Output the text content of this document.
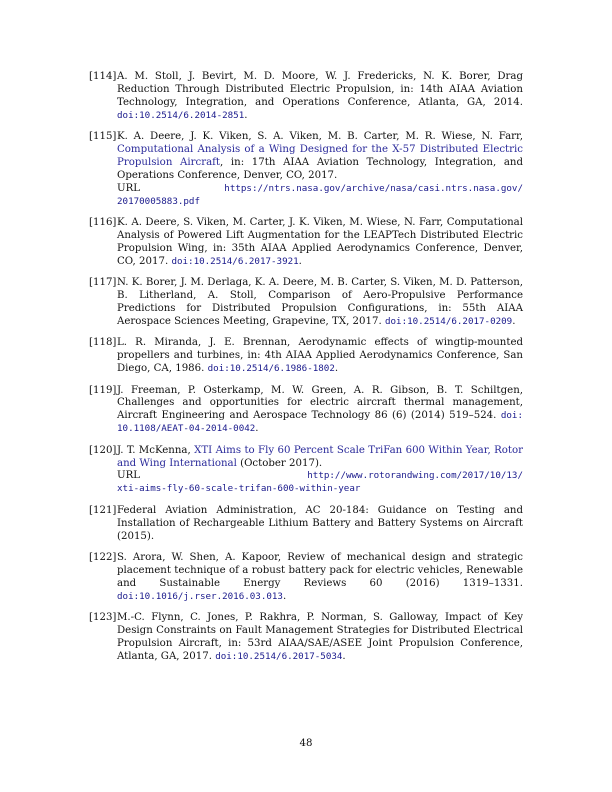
[114] A. M. Stoll, J. Bevirt, M. D. Moore, W. J. Fredericks, N. K. Borer, Drag Reduction Through Distributed Electric Propulsion, in: 14th AIAA Aviation Technology, Integration, and Operations Conference, Atlanta, GA, 2014. doi:10.2514/6.2014-2851.
[115] K. A. Deere, J. K. Viken, S. A. Viken, M. B. Carter, M. R. Wiese, N. Farr, Computational Analysis of a Wing Designed for the X-57 Distributed Electric Propulsion Aircraft, in: 17th AIAA Aviation Technology, Integration, and Operations Conference, Denver, CO, 2017.
URL	https://ntrs.nasa.gov/archive/nasa/casi.ntrs.nasa.gov/
20170005883.pdf
[116] K. A. Deere, S. Viken, M. Carter, J. K. Viken, M. Wiese, N. Farr, Computational Analysis of Powered Lift Augmentation for the LEAPTech Distributed Electric Propulsion Wing, in: 35th AIAA Applied Aerodynamics Conference, Denver, CO, 2017. doi:10.2514/6.2017-3921.
[117] N. K. Borer, J. M. Derlaga, K. A. Deere, M. B. Carter, S. Viken, M. D. Patterson, B. Litherland, A. Stoll, Comparison of Aero-Propulsive Performance Predictions for Distributed Propulsion Configurations, in: 55th AIAA Aerospace Sciences Meeting, Grapevine, TX, 2017. doi:10.2514/6.2017-0209.
[118] L. R. Miranda, J. E. Brennan, Aerodynamic effects of wingtip-mounted propellers and turbines, in: 4th AIAA Applied Aerodynamics Conference, San Diego, CA, 1986. doi:10.2514/6.1986-1802.
[119] J. Freeman, P. Osterkamp, M. W. Green, A. R. Gibson, B. T. Schiltgen, Challenges and opportunities for electric aircraft thermal management, Aircraft Engineering and Aerospace Technology 86 (6) (2014) 519–524. doi: 10.1108/AEAT-04-2014-0042.
[120] J. T. McKenna, XTI Aims to Fly 60 Percent Scale TriFan 600 Within Year, Rotor and Wing International (October 2017).
URL	http://www.rotorandwing.com/2017/10/13/
xti-aims-fly-60-scale-trifan-600-within-year
[121] Federal Aviation Administration, AC 20-184: Guidance on Testing and Installation of Rechargeable Lithium Battery and Battery Systems on Aircraft (2015).
[122] S. Arora, W. Shen, A. Kapoor, Review of mechanical design and strategic placement technique of a robust battery pack for electric vehicles, Renewable and Sustainable Energy Reviews 60 (2016) 1319–1331. doi:10.1016/j.rser.2016.03.013.
[123] M.-C. Flynn, C. Jones, P. Rakhra, P. Norman, S. Galloway, Impact of Key Design Constraints on Fault Management Strategies for Distributed Electrical Propulsion Aircraft, in: 53rd AIAA/SAE/ASEE Joint Propulsion Conference, Atlanta, GA, 2017. doi:10.2514/6.2017-5034.
48
